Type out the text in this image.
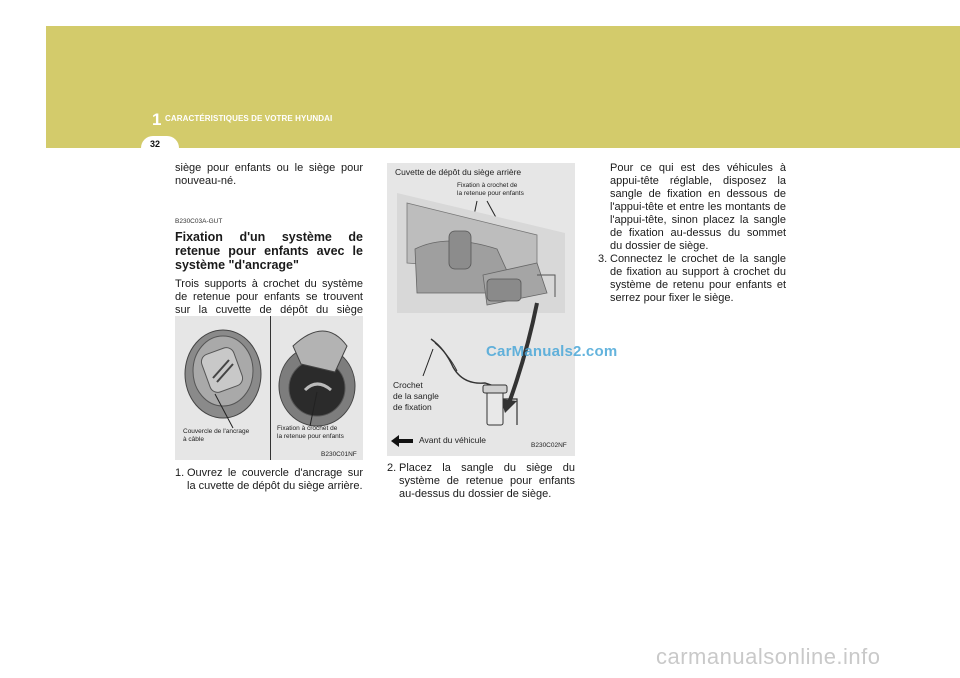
1 CARACTÉRISTIQUES DE VOTRE HYUNDAI
32

siège pour enfants ou le siège pour nouveau-né.

B230C03A-GUT

Fixation d'un système de retenue pour enfants avec le système "d'ancrage"

Trois supports à crochet du système de retenue pour enfants se trouvent sur la cuvette de dépôt du siège

Couvercle de l'ancrage
à câble
Fixation à crochet de
la retenue pour enfants
B230C01NF
1. Ouvrez le couvercle d'ancrage sur la cuvette de dépôt du siège arrière.
Cuvette de dépôt du siège arrière
Fixation à crochet de
la retenue pour enfants
Crochet
de la sangle
de fixation
Avant du véhicule
B230C02NF
2. Placez la sangle du siège du système de retenue pour enfants au-dessus du dossier de siège.
Pour ce qui est des véhicules à appui-tête réglable, disposez la sangle de fixation en dessous de l'appui-tête et entre les montants de l'appui-tête, sinon placez la sangle de fixation au-dessus du sommet du dossier de siège.
3. Connectez le crochet de la sangle de fixation au support à crochet du système de retenu pour enfants et serrez pour fixer le siège.
CarManuals2.com
carmanualsonline.info
